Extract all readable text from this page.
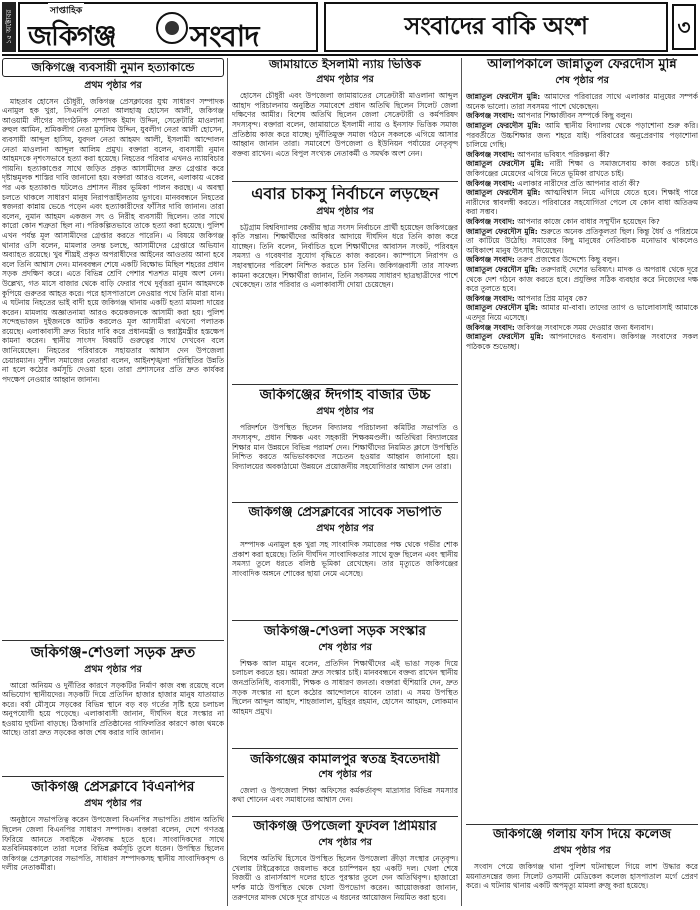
১৫ অক্টোবর ২০২৩
সাপ্তাহিক
জকিগঞ্জ	সংবাদ	সংবাদের বাকি অংশ	৩
জকিগঞ্জে ব্যবসায়ী নুমান হত্যাকান্ডে
প্রথম পৃষ্ঠার পর

মাহতাব হোসেন চৌধুরী, জকিগঞ্জ প্রেসক্লাবের যুগ্ম সাধারণ সম্পাদক এনামুল হক খুরা, সিএনপি নেতা আলহাজ্ব হোসেন আলী, জকিগঞ্জ আওয়ামী লীগের সাংগঠনিক সম্পাদক ইমাদ উদ্দিন, সেক্রেটারি মাওলানা রুহুল আমিন, শ্রমিকলীগ নেতা মুসলিম উদ্দিন, যুবলীগ নেতা আলী হোসেন, ব্যবসায়ী আব্দুল হাসিম, যুবদল নেতা আহমদ আলী, ইসলামী আন্দোলন নেতা মাওলানা আব্দুল আলিম প্রমুখ। বক্তারা বলেন, ব্যবসায়ী নুমান আহমদকে নৃশংসভাবে হত্যা করা হয়েছে। নিহতের পরিবার এখনও ন্যায়বিচার পায়নি। হত্যাকাণ্ডের সাথে জড়িত প্রকৃত আসামীদের দ্রুত গ্রেপ্তার করে দৃষ্টান্তমূলক শাস্তির দাবি জানানো হয়। বক্তারা আরও বলেন, এলাকায় একের পর এক হত্যাকাণ্ড ঘটলেও প্রশাসন নীরব ভূমিকা পালন করছে। এ অবস্থা চলতে থাকলে সাধারণ মানুষ নিরাপত্তাহীনতায় ভুগবে। মানববন্ধনে নিহতের স্বজনরা কান্নায় ভেঙে পড়েন এবং হত্যাকারীদের ফাঁসির দাবি জানান। তারা বলেন, নুমান আহমদ একজন সৎ ও নিরীহ ব্যবসায়ী ছিলেন। তার সাথে কারো কোন শত্রুতা ছিল না। পরিকল্পিতভাবে তাকে হত্যা করা হয়েছে। পুলিশ এখন পর্যন্ত মূল আসামীদের গ্রেপ্তার করতে পারেনি। এ বিষয়ে জকিগঞ্জ থানার ওসি বলেন, মামলার তদন্ত চলছে, আসামীদের গ্রেপ্তারে অভিযান অব্যাহত রয়েছে। খুব শীঘ্রই প্রকৃত অপরাধীদের আইনের আওতায় আনা হবে বলে তিনি আশ্বাস দেন। মানববন্ধন শেষে একটি বিক্ষোভ মিছিল শহরের প্রধান সড়ক প্রদক্ষিণ করে। এতে বিভিন্ন শ্রেণি পেশার শতশত মানুষ অংশ নেন। উল্লেখ্য, গত মাসে বাজার থেকে বাড়ি ফেরার পথে দুর্বৃত্তরা নুমান আহমদকে কুপিয়ে গুরুতর আহত করে। পরে হাসপাতালে নেওয়ার পথে তিনি মারা যান। এ ঘটনায় নিহতের ভাই বাদী হয়ে জকিগঞ্জ থানায় একটি হত্যা মামলা দায়ের করেন। মামলায় অজ্ঞাতনামা আরও কয়েকজনকে আসামী করা হয়। পুলিশ সন্দেহভাজন দুইজনকে আটক করলেও মূল আসামীরা এখনো পলাতক রয়েছে। এলাকাবাসী দ্রুত বিচার দাবি করে প্রধানমন্ত্রী ও স্বরাষ্ট্রমন্ত্রীর হস্তক্ষেপ কামনা করেন। স্থানীয় সাংসদ বিষয়টি গুরুত্বের সাথে দেখবেন বলে জানিয়েছেন। নিহতের পরিবারকে সহায়তার আশ্বাস দেন উপজেলা চেয়ারম্যান। সুশীল সমাজের নেতারা বলেন, আইনশৃঙ্খলা পরিস্থিতির উন্নতি না হলে কঠোর কর্মসূচি দেওয়া হবে। তারা প্রশাসনের প্রতি দ্রুত কার্যকর পদক্ষেপ নেওয়ার আহ্বান জানান।

জকিগঞ্জ-শেওলা সড়ক দ্রুত
প্রথম পৃষ্ঠার পর

আরো অনিয়ম ও দুর্নীতির কারণে সড়কটির নির্মাণ কাজ বন্ধ রয়েছে বলে অভিযোগ স্থানীয়দের। সড়কটি দিয়ে প্রতিদিন হাজার হাজার মানুষ যাতায়াত করে। বর্ষা মৌসুমে সড়কের বিভিন্ন স্থানে বড় বড় গর্তের সৃষ্টি হয়ে চলাচল অনুপযোগী হয়ে পড়েছে। এলাকাবাসী জানান, দীর্ঘদিন ধরে সংস্কার না হওয়ায় দুর্ঘটনা বাড়ছে। ঠিকাদারি প্রতিষ্ঠানের গাফিলতির কারণে কাজ থমকে আছে। তারা দ্রুত সড়কের কাজ শেষ করার দাবি জানান।

জকিগঞ্জ প্রেসক্লাবে বিএনপির
প্রথম পৃষ্ঠার পর

অনুষ্ঠানে সভাপতিত্ব করেন উপজেলা বিএনপির সভাপতি। প্রধান অতিথি ছিলেন জেলা বিএনপির সাধারণ সম্পাদক। বক্তারা বলেন, দেশে গণতন্ত্র ফিরিয়ে আনতে সবাইকে ঐক্যবদ্ধ হতে হবে। সাংবাদিকদের সাথে মতবিনিময়কালে তারা দলের বিভিন্ন কর্মসূচি তুলে ধরেন। উপস্থিত ছিলেন জকিগঞ্জ প্রেসক্লাবের সভাপতি, সাধারণ সম্পাদকসহ স্থানীয় সাংবাদিকবৃন্দ ও দলীয় নেতাকর্মীরা।

জামায়াতে ইসলামী ন্যায় ভিত্তিক
প্রথম পৃষ্ঠার পর

হোসেন চৌধুরী এবং উপজেলা জামায়াতের সেক্রেটারী মাওলানা আব্দুল আহাদ পরিচালনায় অনুষ্ঠিত সমাবেশে প্রধান অতিথি ছিলেন সিলেট জেলা দক্ষিণের আমীর। বিশেষ অতিথি ছিলেন জেলা সেক্রেটারী ও কর্মপরিষদ সদস্যবৃন্দ। বক্তারা বলেন, জামায়াতে ইসলামী ন্যায় ও ইনসাফ ভিত্তিক সমাজ প্রতিষ্ঠায় কাজ করে যাচ্ছে। দুর্নীতিমুক্ত সমাজ গঠনে সকলকে এগিয়ে আসার আহ্বান জানান তারা। সমাবেশে উপজেলা ও ইউনিয়ন পর্যায়ের নেতৃবৃন্দ বক্তব্য রাখেন। এতে বিপুল সংখ্যক নেতাকর্মী ও সমর্থক অংশ নেন।

এবার চাকসু নির্বাচনে লড়ছেন
প্রথম পৃষ্ঠার পর

চট্টগ্রাম বিশ্ববিদ্যালয় কেন্দ্রীয় ছাত্র সংসদ নির্বাচনে প্রার্থী হয়েছেন জকিগঞ্জের কৃতি সন্তান। শিক্ষার্থীদের অধিকার আদায়ে দীর্ঘদিন ধরে তিনি কাজ করে যাচ্ছেন। তিনি বলেন, নির্বাচিত হলে শিক্ষার্থীদের আবাসন সংকট, পরিবহন সমস্যা ও গবেষণার সুযোগ বৃদ্ধিতে কাজ করবেন। ক্যাম্পাসে নিরাপদ ও সহাবস্থানের পরিবেশ নিশ্চিত করতে চান তিনি। জকিগঞ্জবাসী তার সাফল্য কামনা করেছেন। শিক্ষার্থীরা জানান, তিনি সবসময় সাধারণ ছাত্রছাত্রীদের পাশে থেকেছেন। তার পরিবার ও এলাকাবাসী দোয়া চেয়েছেন।

জকিগঞ্জের ঈদগাহ বাজার উচ্চ
প্রথম পৃষ্ঠার পর

পরিদর্শনে উপস্থিত ছিলেন বিদ্যালয় পরিচালনা কমিটির সভাপতি ও সদস্যবৃন্দ, প্রধান শিক্ষক এবং সহকারী শিক্ষকমণ্ডলী। অতিথিরা বিদ্যালয়ের শিক্ষার মান উন্নয়নে বিভিন্ন পরামর্শ দেন। শিক্ষার্থীদের নিয়মিত ক্লাসে উপস্থিতি নিশ্চিত করতে অভিভাবকদের সচেতন হওয়ার আহ্বান জানানো হয়। বিদ্যালয়ের অবকাঠামো উন্নয়নে প্রয়োজনীয় সহযোগিতার আশ্বাস দেন তারা।

জকিগঞ্জ প্রেসক্লাবের সাবেক সভাপতি
প্রথম পৃষ্ঠার পর

সম্পাদক এনামুল হক খুরা সহ সাংবাদিক সমাজের পক্ষ থেকে গভীর শোক প্রকাশ করা হয়েছে। তিনি দীর্ঘদিন সাংবাদিকতার সাথে যুক্ত ছিলেন এবং স্থানীয় সমস্যা তুলে ধরতে বলিষ্ঠ ভূমিকা রেখেছেন। তার মৃত্যুতে জকিগঞ্জের সাংবাদিক অঙ্গনে শোকের ছায়া নেমে এসেছে।

জকিগঞ্জ-শেওলা সড়ক সংস্কার
শেষ পৃষ্ঠার পর

শিক্ষক আল মামুন বলেন, প্রতিদিন শিক্ষার্থীদের এই ভাঙা সড়ক দিয়ে চলাচল করতে হয়। আমরা দ্রুত সংস্কার চাই। মানববন্ধনে বক্তব্য রাখেন স্থানীয় জনপ্রতিনিধি, ব্যবসায়ী, শিক্ষক ও সাধারণ জনতা। বক্তারা হুঁশিয়ারি দেন, দ্রুত সড়ক সংস্কার না হলে কঠোর আন্দোলনে যাবেন তারা। এ সময় উপস্থিত ছিলেন আব্দুল আহাদ, শাহজালাল, মুহিবুর রহমান, হোসেন আহমদ, লোকমান আহমদ প্রমুখ।

জকিগঞ্জের কামালপুর স্বতন্ত্র ইবতেদায়ী
শেষ পৃষ্ঠার পর

জেলা ও উপজেলা শিক্ষা অফিসের কর্মকর্তাবৃন্দ মাদ্রাসার বিভিন্ন সমস্যার কথা শোনেন এবং সমাধানের আশ্বাস দেন।

জকিগঞ্জ উপজেলা ফুটবল প্রিমিয়ার
শেষ পৃষ্ঠার পর

বিশেষ অতিথি হিসেবে উপস্থিত ছিলেন উপজেলা ক্রীড়া সংস্থার নেতৃবৃন্দ। খেলায় টাইব্রেকারে জয়লাভ করে চ্যাম্পিয়ন হয় একটি দল। খেলা শেষে বিজয়ী ও রানার্সআপ দলের হাতে পুরস্কার তুলে দেন অতিথিবৃন্দ। হাজারো দর্শক মাঠে উপস্থিত থেকে খেলা উপভোগ করেন। আয়োজকরা জানান, তরুণদের মাদক থেকে দূরে রাখতে এ ধরনের আয়োজন নিয়মিত করা হবে।

আলাপকালে জান্নাতুল ফেরদৌস মুন্নি
শেষ পৃষ্ঠার পর
জান্নাতুল ফেরদৌস মুন্নি: আমাদের পরিবারের সাথে এলাকার মানুষের সম্পর্ক অনেক ভালো। তারা সবসময় পাশে থেকেছেন।
জকিগঞ্জ সংবাদ: আপনার শিক্ষাজীবন সম্পর্কে কিছু বলুন।
জান্নাতুল ফেরদৌস মুন্নি: আমি স্থানীয় বিদ্যালয় থেকে পড়াশোনা শুরু করি। পরবর্তীতে উচ্চশিক্ষার জন্য শহরে যাই। পরিবারের অনুপ্রেরণায় পড়াশোনা চালিয়ে গেছি।
জকিগঞ্জ সংবাদ: আপনার ভবিষ্যৎ পরিকল্পনা কী?
জান্নাতুল ফেরদৌস মুন্নি: নারী শিক্ষা ও সমাজসেবায় কাজ করতে চাই। জকিগঞ্জের মেয়েদের এগিয়ে নিতে ভূমিকা রাখতে চাই।
জকিগঞ্জ সংবাদ: এলাকার নারীদের প্রতি আপনার বার্তা কী?
জান্নাতুল ফেরদৌস মুন্নি: আত্মবিশ্বাস নিয়ে এগিয়ে যেতে হবে। শিক্ষাই পারে নারীদের স্বাবলম্বী করতে। পরিবারের সহযোগিতা পেলে যে কোন বাধা অতিক্রম করা সম্ভব।
জকিগঞ্জ সংবাদ: আপনার কাজে কোন বাধার সম্মুখীন হয়েছেন কি?
জান্নাতুল ফেরদৌস মুন্নি: শুরুতে অনেক প্রতিকূলতা ছিল। কিন্তু ধৈর্য ও পরিশ্রমে তা কাটিয়ে উঠেছি। সমাজের কিছু মানুষের নেতিবাচক মনোভাব থাকলেও অধিকাংশ মানুষ উৎসাহ দিয়েছেন।
জকিগঞ্জ সংবাদ: তরুণ প্রজন্মের উদ্দেশ্যে কিছু বলুন।
জান্নাতুল ফেরদৌস মুন্নি: তরুণরাই দেশের ভবিষ্যৎ। মাদক ও অপরাধ থেকে দূরে থেকে দেশ গঠনে কাজ করতে হবে। প্রযুক্তির সঠিক ব্যবহার করে নিজেদের দক্ষ করে তুলতে হবে।
জকিগঞ্জ সংবাদ: আপনার প্রিয় মানুষ কে?
জান্নাতুল ফেরদৌস মুন্নি: আমার মা-বাবা। তাদের ত্যাগ ও ভালোবাসাই আমাকে এতদূর নিয়ে এসেছে।
জকিগঞ্জ সংবাদ: জকিগঞ্জ সংবাদকে সময় দেওয়ার জন্য ধন্যবাদ।
জান্নাতুল ফেরদৌস মুন্নি: আপনাদেরও ধন্যবাদ। জকিগঞ্জ সংবাদের সকল পাঠককে শুভেচ্ছা।
জকিগঞ্জে গলায় ফাঁস দিয়ে কলেজ
প্রথম পৃষ্ঠার পর

সংবাদ পেয়ে জকিগঞ্জ থানা পুলিশ ঘটনাস্থলে গিয়ে লাশ উদ্ধার করে ময়নাতদন্তের জন্য সিলেট ওসমানী মেডিকেল কলেজ হাসপাতাল মর্গে প্রেরণ করে। এ ঘটনায় থানায় একটি অপমৃত্যু মামলা রুজু করা হয়েছে।
